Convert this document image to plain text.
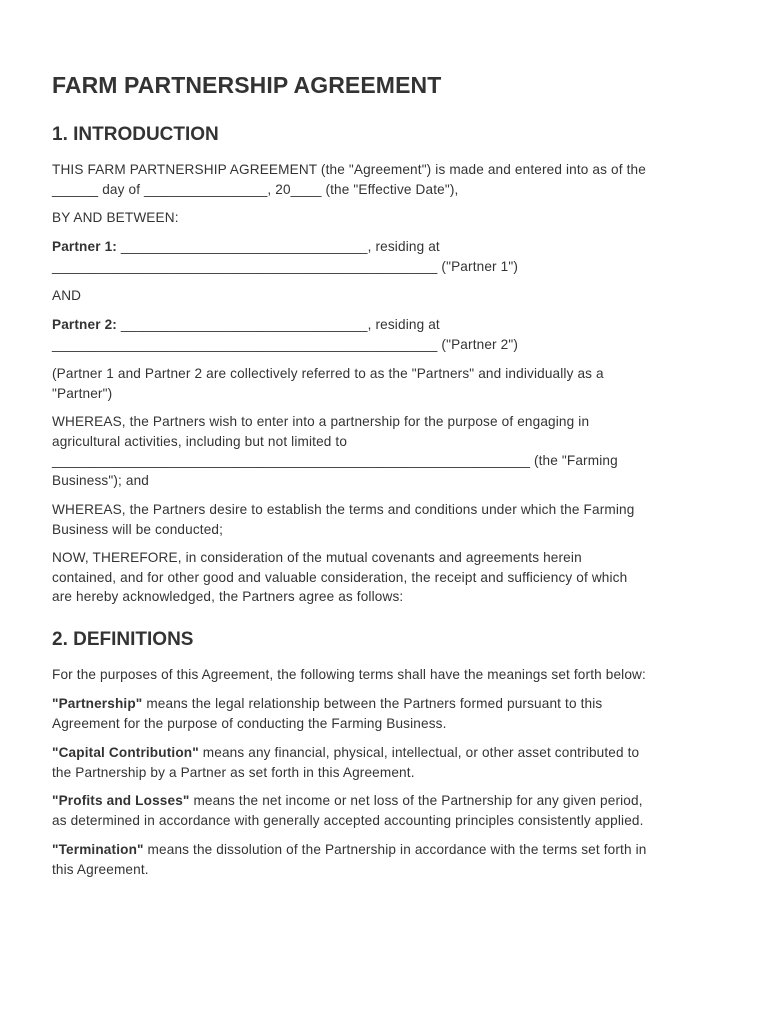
FARM PARTNERSHIP AGREEMENT
1. INTRODUCTION

THIS FARM PARTNERSHIP AGREEMENT (the "Agreement") is made and entered into as of the
______ day of ________________, 20____ (the "Effective Date"),

BY AND BETWEEN:

Partner 1: ________________________________, residing at
__________________________________________________ ("Partner 1")

AND

Partner 2: ________________________________, residing at
__________________________________________________ ("Partner 2")

(Partner 1 and Partner 2 are collectively referred to as the "Partners" and individually as a
"Partner")

WHEREAS, the Partners wish to enter into a partnership for the purpose of engaging in
agricultural activities, including but not limited to
______________________________________________________________ (the "Farming
Business"); and

WHEREAS, the Partners desire to establish the terms and conditions under which the Farming
Business will be conducted;

NOW, THEREFORE, in consideration of the mutual covenants and agreements herein
contained, and for other good and valuable consideration, the receipt and sufficiency of which
are hereby acknowledged, the Partners agree as follows:

2. DEFINITIONS

For the purposes of this Agreement, the following terms shall have the meanings set forth below:

"Partnership" means the legal relationship between the Partners formed pursuant to this
Agreement for the purpose of conducting the Farming Business.

"Capital Contribution" means any financial, physical, intellectual, or other asset contributed to
the Partnership by a Partner as set forth in this Agreement.

"Profits and Losses" means the net income or net loss of the Partnership for any given period,
as determined in accordance with generally accepted accounting principles consistently applied.

"Termination" means the dissolution of the Partnership in accordance with the terms set forth in
this Agreement.
